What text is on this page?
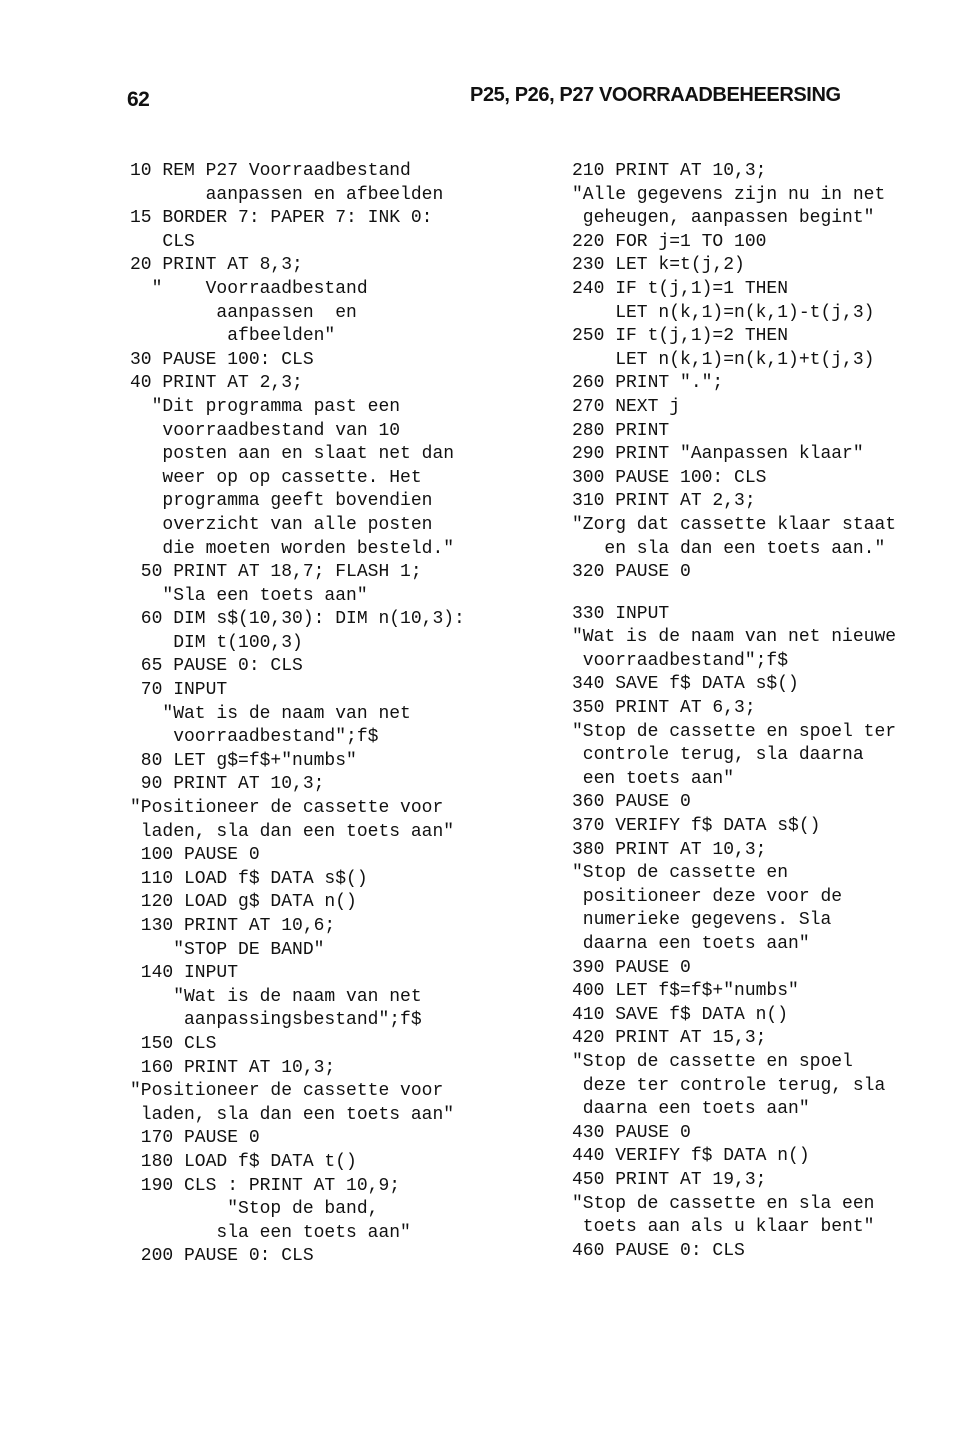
62	P25, P26, P27 VOORRAADBEHEERSING
10 REM P27 Voorraadbestand
aanpassen en afbeelden
15 BORDER 7: PAPER 7: INK 0:
CLS
20 PRINT AT 8,3;
"    Voorraadbestand
aanpassen  en
afbeelden"
30 PAUSE 100: CLS
40 PRINT AT 2,3;
"Dit programma past een
voorraadbestand van 10
posten aan en slaat net dan
weer op op cassette. Het
programma geeft bovendien
overzicht van alle posten
die moeten worden besteld."
50 PRINT AT 18,7; FLASH 1;
"Sla een toets aan"
60 DIM s$(10,30): DIM n(10,3):
DIM t(100,3)
65 PAUSE 0: CLS
70 INPUT
"Wat is de naam van net
voorraadbestand";f$
80 LET g$=f$+"numbs"
90 PRINT AT 10,3;
"Positioneer de cassette voor
laden, sla dan een toets aan"
100 PAUSE 0
110 LOAD f$ DATA s$()
120 LOAD g$ DATA n()
130 PRINT AT 10,6;
"STOP DE BAND"
140 INPUT
"Wat is de naam van net
aanpassingsbestand";f$
150 CLS
160 PRINT AT 10,3;
"Positioneer de cassette voor
laden, sla dan een toets aan"
170 PAUSE 0
180 LOAD f$ DATA t()
190 CLS : PRINT AT 10,9;
"Stop de band,
sla een toets aan"
200 PAUSE 0: CLS
210 PRINT AT 10,3;
"Alle gegevens zijn nu in net
geheugen, aanpassen begint"
220 FOR j=1 TO 100
230 LET k=t(j,2)
240 IF t(j,1)=1 THEN
LET n(k,1)=n(k,1)-t(j,3)
250 IF t(j,1)=2 THEN
LET n(k,1)=n(k,1)+t(j,3)
260 PRINT ".";
270 NEXT j
280 PRINT
290 PRINT "Aanpassen klaar"
300 PAUSE 100: CLS
310 PRINT AT 2,3;
"Zorg dat cassette klaar staat
en sla dan een toets aan."
320 PAUSE 0
330 INPUT
"Wat is de naam van net nieuwe
voorraadbestand";f$
340 SAVE f$ DATA s$()
350 PRINT AT 6,3;
"Stop de cassette en spoel ter
controle terug, sla daarna
een toets aan"
360 PAUSE 0
370 VERIFY f$ DATA s$()
380 PRINT AT 10,3;
"Stop de cassette en
positioneer deze voor de
numerieke gegevens. Sla
daarna een toets aan"
390 PAUSE 0
400 LET f$=f$+"numbs"
410 SAVE f$ DATA n()
420 PRINT AT 15,3;
"Stop de cassette en spoel
deze ter controle terug, sla
daarna een toets aan"
430 PAUSE 0
440 VERIFY f$ DATA n()
450 PRINT AT 19,3;
"Stop de cassette en sla een
toets aan als u klaar bent"
460 PAUSE 0: CLS
